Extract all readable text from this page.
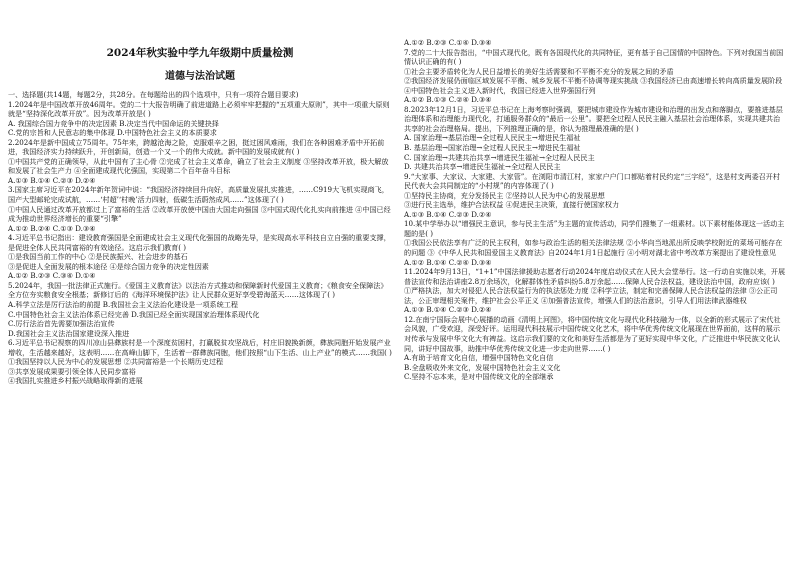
2024年秋实验中学九年级期中质量检测
道德与法治试题
一、选择题(共14题，每题2分，共28分。在每题给出的四个选项中，只有一项符合题目要求)
1.2024年是中国改革开放46周年。党的二十大报告明确了前进道路上必须牢牢把握的“五项重大原则”，其中一项重大原则就是“坚持深化改革开放”。因为改革开放是( )
A. 我国综合国力竞争中的决定因素 B.决定当代中国命运的关键抉择
C.党的宗旨和人民意志的集中体现 D.中国特色社会主义的本质要求
2.2024年是新中国成立75周年。75年来，跨越沧海之险，克服艰辛之困，挺过困风难雨，我们在各种困难矛盾中开拓前进，我国经济实力持续跃升，开创新局，创造一个又一个的伟大成就。新中国的发展成就有( )
①中国共产党的正确领导，从此中国有了主心骨 ②完成了社会主义革命，确立了社会主义制度 ③坚持改革开放，极大解放和发展了社会生产力 ④全面建成现代化强国，实现第二个百年奋斗目标
A.①③ B.①④ C.②③ D.②④
3.国家主席习近平在2024年新年贺词中说：“我国经济持续回升向好，高质量发展扎实推进，……C919大飞机实现商飞，国产大型邮轮完成试航，……‘村超’‘村晚’活力四射，低碳生活蔚然成风……”这体现了( )
①中国人民通过改革开放都过上了富裕的生活 ②改革开放使中国由大国走向强国 ③中国式现代化扎实向前推进 ④中国已经成为推动世界经济增长的重要“引擎”
A.①② B.②④ C.①③ D.③④
4.习近平总书记指出：建设教育强国是全面建成社会主义现代化强国的战略先导，是实现高水平科技自立自强的重要支撑，是促进全体人民共同富裕的有效途径。这启示我们教育( )
①是我国当前工作的中心 ②是民族振兴、社会进步的基石
③是促进人全面发展的根本途径 ④是综合国力竞争的决定性因素
A.①② B.②③ C.③④ D.①④
5.2024年，我国一批法律正式施行。《爱国主义教育法》以法治方式推动和保障新时代爱国主义教育；《粮食安全保障法》全方位夯实粮食安全根基；新修订后的《海洋环境保护法》让人民群众更好享受碧海蓝天……这体现了( )
A.科学立法是厉行法治的前提 B.我国社会主义法治化建设是一项系统工程
C.中国特色社会主义法治体系已经完善 D.我国已经全面实现国家治理体系现代化
C.厉行法治首先需要加强法治宣传
D.我国社会主义法治国家建设深入推进
6.习近平总书记视察的四川凉山县彝族村是一个深度贫困村，打赢脱贫攻坚战后，村庄旧貌换新颜，彝族同胞开始发展产业增收，生活越来越好，这表明……在高峰山脚下，生活着一群彝族同胞，他们按照“山下生活、山上产业”的模式……我国( )
①我国坚持以人民为中心的发展思想 ②共同富裕是一个长期历史过程
③共享发展成果要引领全体人民同步富裕
④我国扎实推进乡村振兴战略取得新的进展
A.①② B.②③ C.①④ D.③④
7.党的二十大报告指出，“中国式现代化，既有各国现代化的共同特征，更有基于自己国情的中国特色。下列对我国当前国情认识正确的有( )
①社会主要矛盾转化为人民日益增长的美好生活需要和不平衡不充分的发展之间的矛盾
②我国经济发展仍面临区域发展不平衡、城乡发展不平衡不协调等现实挑战 ③我国经济已由高速增长转向高质量发展阶段 ④中国特色社会主义进入新时代，我国已经进入世界强国行列
A.①② B.①③ C.②④ D.③④
8.2023年12月1日，习近平总书记在上海考察时强调，要把城市建设作为城市建设和治理的出发点和落脚点，要推进基层治理体系和治理能力现代化，打通服务群众的“最后一公里”。要把全过程人民民主融入基层社会治理体系，实现共建共治共享的社会治理格局。提出，下列推理正确的是，你认为推理最准确的是( )
A. 国家治理→基层治理→全过程人民民主→增进民生福祉
B. 基层治理→国家治理→全过程人民民主→增进民生福祉
C. 国家治理→共建共治共享→增进民生福祉→全过程人民民主
D. 共建共治共享→增进民生福祉→全过程人民民主
9.“大家事、大家议、大家建、大家管”。在浏阳市清江村，家家户户门口都贴着村民约定“三字经”，这是村支两委召开村民代表大会共同制定的“小村规”的内容体现了( )
①坚持民主协商，充分发扬民主 ②坚持以人民为中心的发展思想
③进行民主选举，维护合法权益 ④促进民主决策，直接行使国家权力
A.①③ B.①④ C.②③ D.②④
10.某中学举办以“增强民主意识，参与民主生活”为主题的宣传活动，同学们搜集了一组素材。以下素材能体现这一活动主题的是( )
①我国公民依法享有广泛的民主权利，如参与政治生活的相关法律法规 ②小华向当地派出所反映学校附近的菜场可能存在的问题 ③《中华人民共和国爱国主义教育法》自2024年1月1日起施行 ④小明对湖北省中考改革方案提出了建设性意见
A.①② B.①④ C.②④ D.③④
11.2024年9月13日，“1+1”中国法律援助志愿者行动2024年度启动仪式在人民大会堂举行。这一行动自实施以来，开展普法宣传和法治讲座2.8万余场次，化解群体性矛盾纠纷5.8万余起……保障人民合法权益，建设法治中国，政府应该( )
①严格执法，加大对侵犯人民合法权益行为的执法惩处力度 ②科学立法，制定和完善保障人民合法权益的法律 ③公正司法，公正审理相关案件，维护社会公平正义 ④加强普法宣传，增强人们的法治意识，引导人们用法律武器维权
A.①③ B.①④ C.②③ D.②④
12.在南宁国际会展中心展播的动画《清明上河图》，将中国传统文化与现代化科技融为一体，以全新的形式展示了宋代社会风貌，广受欢迎，深受好评。运用现代科技展示中国传统文化艺术，将中华优秀传统文化展现在世界面前，这样的展示对传承与发展中华文化大有裨益。这启示我们要的文化和美好生活都是为了更好实现中华文化，广泛推进中华民族文化认同，讲好中国故事，助推中华优秀传统文化进一步走向世界……( )
A.有助于培育文化自信，增强中国特色文化自信
B.全盘吸收外来文化，发展中国特色社会主义文化
C.坚持不忘本来，是对中国传统文化的全部继承
